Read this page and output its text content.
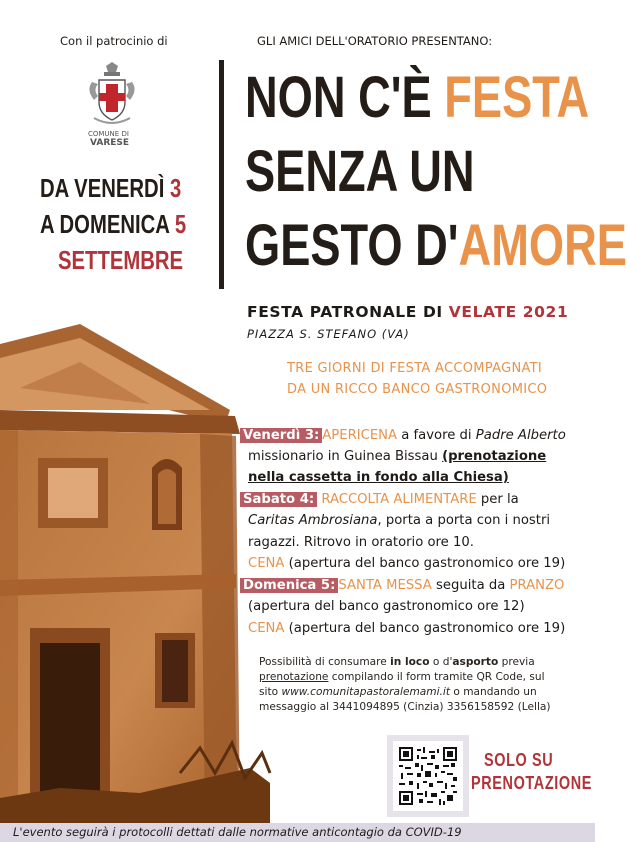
Con il patrocinio di	GLI AMICI DELL'ORATORIO PRESENTANO:
COMUNE DI
VARESE
DA VENERDÌ 3
A DOMENICA 5
SETTEMBRE
NON C'È FESTA
SENZA UN
GESTO D'AMORE
FESTA PATRONALE DI VELATE 2021
PIAZZA S. STEFANO (VA)
TRE GIORNI DI FESTA ACCOMPAGNATI
DA UN RICCO BANCO GASTRONOMICO
Venerdì 3: APERICENA a favore di Padre Alberto
missionario in Guinea Bissau (prenotazione
nella cassetta in fondo alla Chiesa)
Sabato 4: RACCOLTA ALIMENTARE per la
Caritas Ambrosiana, porta a porta con i nostri
ragazzi. Ritrovo in oratorio ore 10.
CENA (apertura del banco gastronomico ore 19)
Domenica 5: SANTA MESSA seguita da PRANZO
(apertura del banco gastronomico ore 12)
CENA (apertura del banco gastronomico ore 19)
Possibilità di consumare in loco o d'asporto previa
prenotazione compilando il form tramite QR Code, sul
sito www.comunitapastoralemami.it o mandando un
messaggio al 3441094895 (Cinzia) 3356158592 (Lella)
SOLO SU
PRENOTAZIONE
L'evento seguirà i protocolli dettati dalle normative anticontagio da COVID-19
